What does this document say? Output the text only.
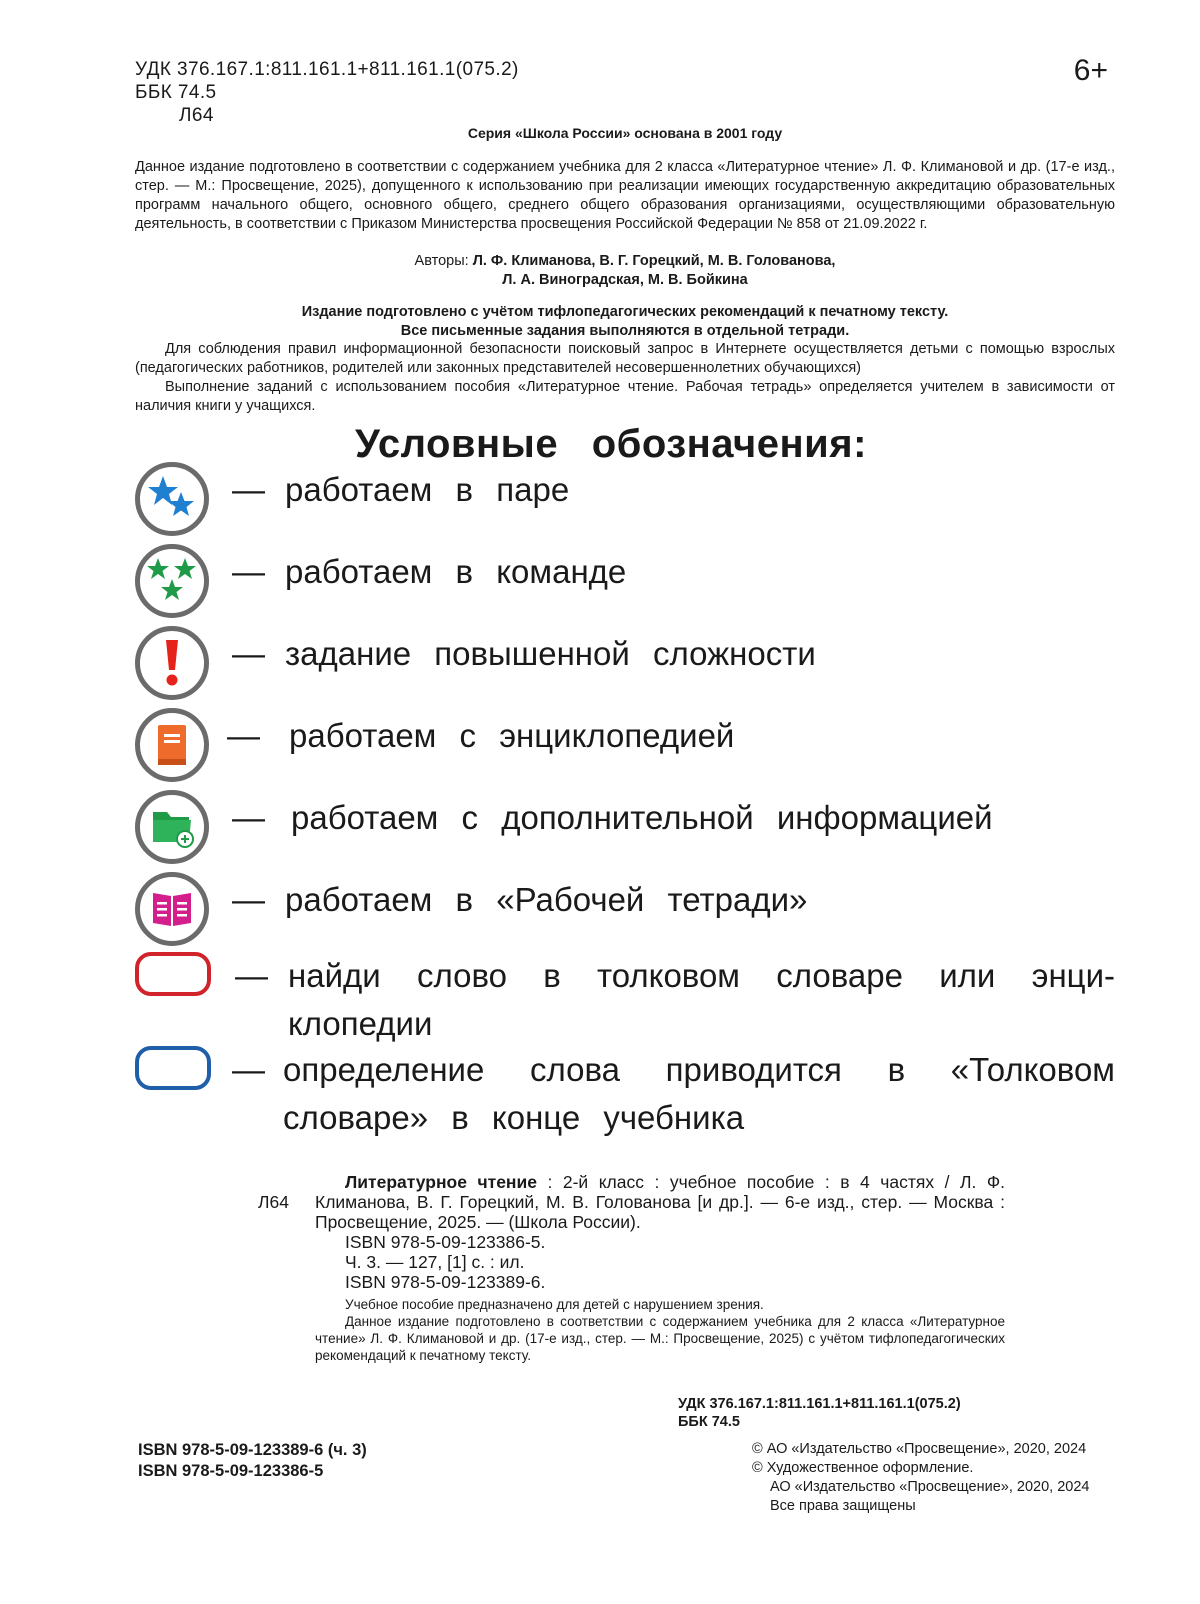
УДК 376.167.1:811.161.1+811.161.1(075.2)
ББК 74.5
Л64
6+
Серия «Школа России» основана в 2001 году
Данное издание подготовлено в соответствии с содержанием учебника для 2 класса «Литературное чтение» Л. Ф. Климановой и др. (17-е изд., стер. — М.: Просвещение, 2025), допущенного к использованию при реализации имеющих государственную аккредитацию образовательных программ начального общего, основного общего, среднего общего образования организациями, осуществляющими образовательную деятельность, в соответствии с Приказом Министерства просвещения Российской Федерации № 858 от 21.09.2022 г.
Авторы: Л. Ф. Климанова, В. Г. Горецкий, М. В. Голованова,
Л. А. Виноградская, М. В. Бойкина
Издание подготовлено с учётом тифлопедагогических рекомендаций к печатному тексту.
Все письменные задания выполняются в отдельной тетради.

Для соблюдения правил информационной безопасности поисковый запрос в Интернете осуществляется детьми с помощью взрослых (педагогических работников, родителей или законных представителей несовершеннолетних обучающихся)

Выполнение заданий с использованием пособия «Литературное чтение. Рабочая тетрадь» определяется учителем в зависимости от наличия книги у учащихся.

Условные обозначения:
— работаем в паре
— работаем в команде
— задание повышенной сложности
— работаем с энциклопедией
— работаем с дополнительной информацией
— работаем в «Рабочей тетради»
— найди слово в толковом словаре или энци-
клопедии
— определение слова приводится в «Толковом
словаре» в конце учебника
Л64
Литературное чтение : 2-й класс : учебное пособие : в 4 частях / Л. Ф. Климанова, В. Г. Горецкий, М. В. Голованова [и др.]. — 6-е изд., стер. — Москва : Просвещение, 2025. — (Школа России).
ISBN 978-5-09-123386-5.
Ч. 3. — 127, [1] с. : ил.
ISBN 978-5-09-123389-6.

Учебное пособие предназначено для детей с нарушением зрения.

Данное издание подготовлено в соответствии с содержанием учебника для 2 класса «Литературное чтение» Л. Ф. Климановой и др. (17-е изд., стер. — М.: Просвещение, 2025) с учётом тифлопедагогических рекомендаций к печатному тексту.

УДК 376.167.1:811.161.1+811.161.1(075.2)
ББК 74.5
ISBN 978-5-09-123389-6 (ч. 3)
ISBN 978-5-09-123386-5
© АО «Издательство «Просвещение», 2020, 2024
© Художественное оформление.
АО «Издательство «Просвещение», 2020, 2024
Все права защищены
